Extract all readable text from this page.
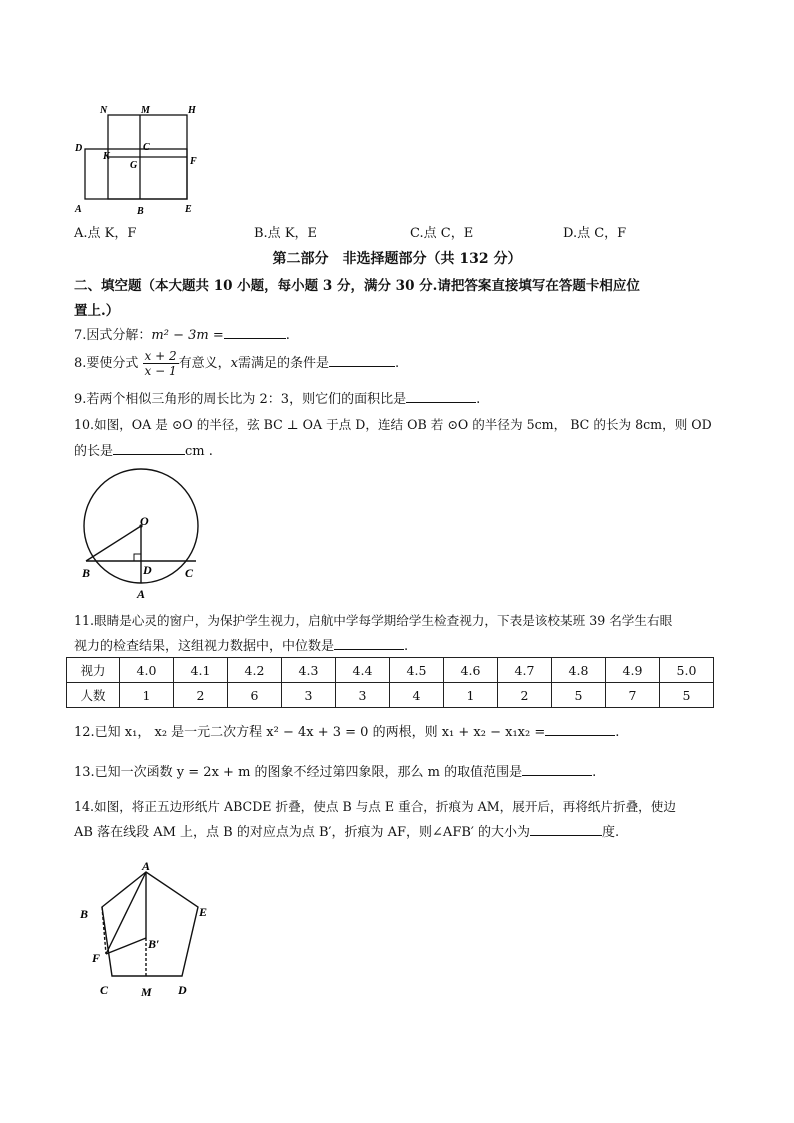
N	M	H
D
K
C
G	F
A	B	E
A.点 K，F	B.点 K，E	C.点 C，E	D.点 C，F
第二部分　非选择题部分（共 132 分）
二、填空题（本大题共 10 小题，每小题 3 分，满分 30 分.请把答案直接填写在答题卡相应位
置上.）
7.因式分解：m² − 3m =	.
8.要使分式 $\frac{x + 2}{x - 1}$ 有意义，x需满足的条件是	.
9.若两个相似三角形的周长比为 2：3，则它们的面积比是	.
10.如图，OA 是 ⊙O 的半径，弦 BC ⊥ OA 于点 D，连结 OB 若 ⊙O 的半径为 5cm， BC 的长为 8cm，则 OD
的长是	cm .
O
B	D	C
A
11.眼睛是心灵的窗户，为保护学生视力，启航中学每学期给学生检查视力，下表是该校某班 39 名学生右眼
视力的检查结果，这组视力数据中，中位数是	.
视力	4.0	4.1	4.2	4.3	4.4	4.5	4.6	4.7	4.8	4.9	5.0
人数	1	2	6	3	3	4	1	2	5	7	5
12.已知 x₁， x₂ 是一元二次方程 x² − 4x + 3 = 0 的两根，则 x₁ + x₂ − x₁x₂ =	.
13.已知一次函数 y = 2x + m 的图象不经过第四象限，那么 m 的取值范围是	.
14.如图，将正五边形纸片 ABCDE 折叠，使点 B 与点 E 重合，折痕为 AM，展开后，再将纸片折叠，使边
AB 落在线段 AM 上，点 B 的对应点为点 B′，折痕为 AF，则∠AFB′ 的大小为	度.
A
B	E
B′
F
C	M D
